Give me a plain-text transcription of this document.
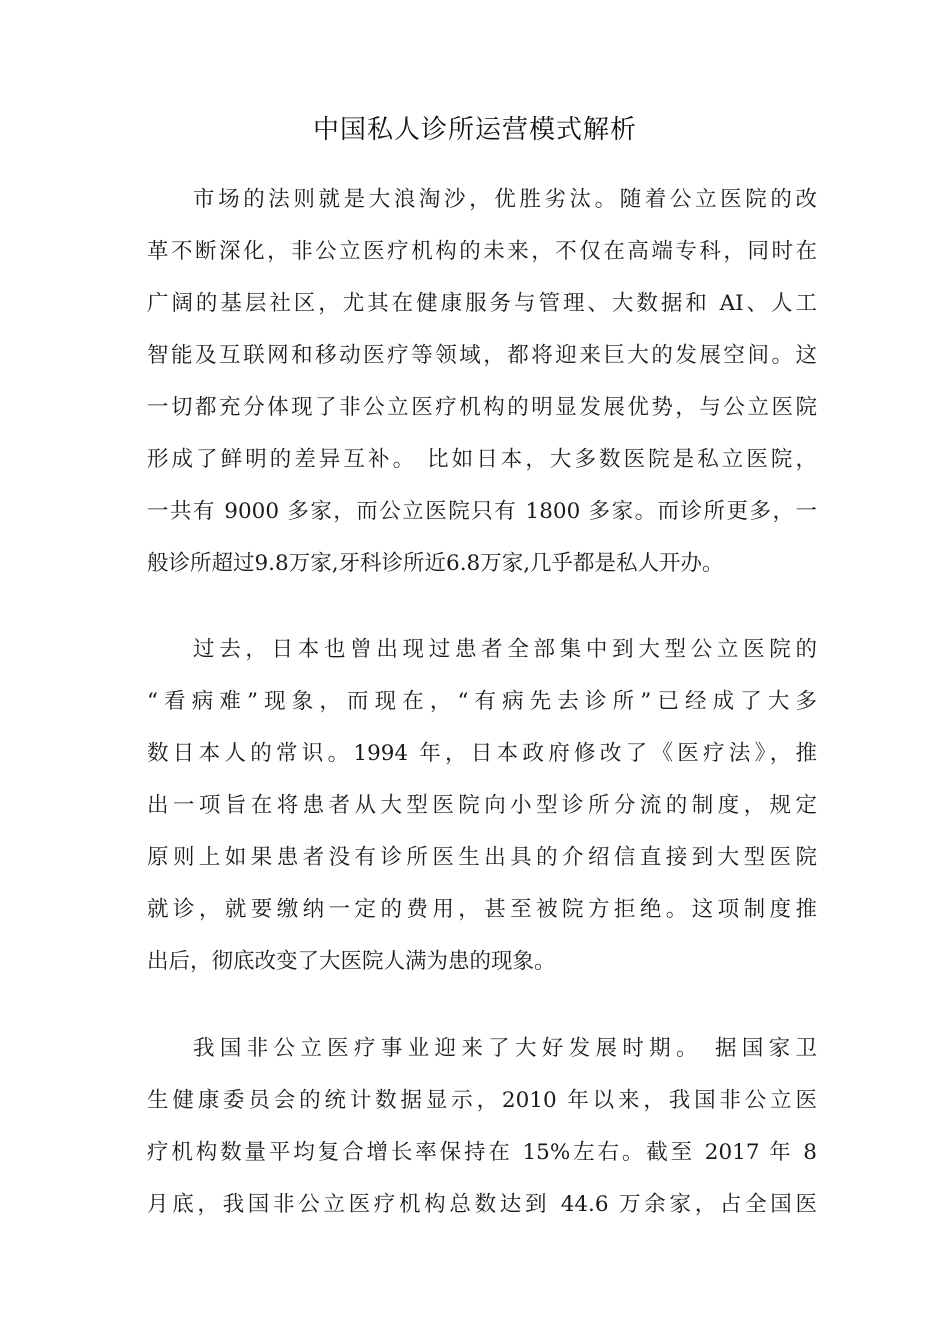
中国私人诊所运营模式解析
市场的法则就是大浪淘沙，优胜劣汰。随着公立医院的改
革不断深化，非公立医疗机构的未来，不仅在高端专科，同时在
广阔的基层社区，尤其在健康服务与管理、大数据和 AI、人工
智能及互联网和移动医疗等领域，都将迎来巨大的发展空间。这
一切都充分体现了非公立医疗机构的明显发展优势，与公立医院
形成了鲜明的差异互补。 比如日本，大多数医院是私立医院，
一共有 9000 多家，而公立医院只有 1800 多家。而诊所更多，一
般诊所超过9.8万家,牙科诊所近6.8万家,几乎都是私人开办。
过去，日本也曾出现过患者全部集中到大型公立医院的
“看病难”现象，而现在，“有病先去诊所”已经成了大多
数日本人的常识。1994 年，日本政府修改了《医疗法》，推
出一项旨在将患者从大型医院向小型诊所分流的制度，规定
原则上如果患者没有诊所医生出具的介绍信直接到大型医院
就诊，就要缴纳一定的费用，甚至被院方拒绝。这项制度推
出后，彻底改变了大医院人满为患的现象。
我国非公立医疗事业迎来了大好发展时期。 据国家卫
生健康委员会的统计数据显示，2010 年以来，我国非公立医
疗机构数量平均复合增长率保持在 15%左右。截至 2017 年 8
月底，我国非公立医疗机构总数达到 44.6 万余家，占全国医
